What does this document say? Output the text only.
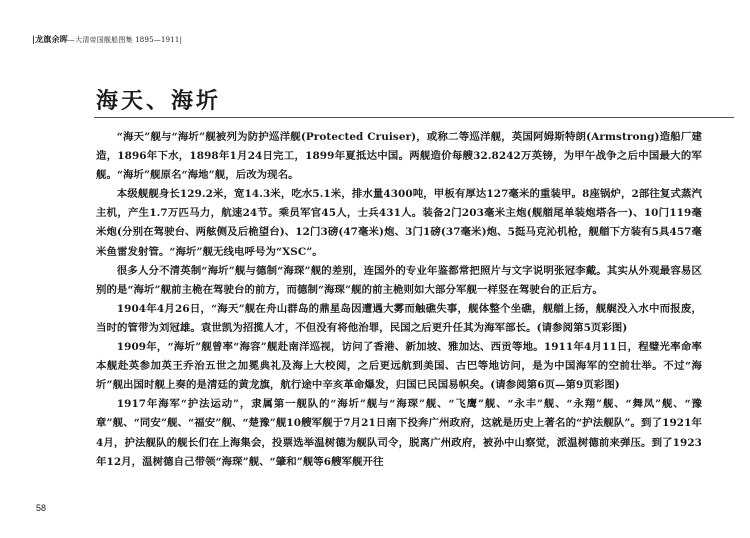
|龙旗余晖—大清帝国舰船图集 1895—1911|
海天、海圻

“海天”舰与“海圻”舰被列为防护巡洋舰(Protected Cruiser)，或称二等巡洋舰，英国阿姆斯特朗(Armstrong)造船厂建造，1896年下水，1898年1月24日完工，1899年夏抵达中国。两舰造价每艘32.8242万英镑，为甲午战争之后中国最大的军舰。“海圻”舰原名“海地”舰，后改为现名。

本级舰舰身长129.2米，宽14.3米，吃水5.1米，排水量4300吨，甲板有厚达127毫米的重装甲。8座锅炉，2部往复式蒸汽主机，产生1.7万匹马力，航速24节。乘员军官45人，士兵431人。装备2门203毫米主炮(舰艏尾单装炮塔各一)、10门119毫米炮(分别在驾驶台、两舷侧及后桅望台)、12门3磅(47毫米)炮、3门1磅(37毫米)炮、5挺马克沁机枪，舰艏下方装有5具457毫米鱼雷发射管。“海圻”舰无线电呼号为“XSC”。

很多人分不清英制“海圻”舰与德制“海琛”舰的差别，连国外的专业年鉴都常把照片与文字说明张冠李戴。其实从外观最容易区别的是“海圻”舰前主桅在驾驶台的前方，而德制“海琛”舰的前主桅则如大部分军舰一样竖在驾驶台的正后方。

1904年4月26日，“海天”舰在舟山群岛的鼎星岛因遭遇大雾而触礁失事，舰体整个坐礁，舰艏上扬，舰艉没入水中而报废，当时的管带为刘冠雄。袁世凯为招揽人才，不但没有将他治罪，民国之后更升任其为海军部长。(请参阅第5页彩图)

1909年，“海圻”舰曾率“海容”舰赴南洋巡视，访问了香港、新加坡、雅加达、西贡等地。1911年4月11日，程璧光率命率本舰赴英参加英王乔治五世之加冕典礼及海上大校阅，之后更远航到美国、古巴等地访问，是为中国海军的空前壮举。不过“海圻”舰出国时舰上奏的是清廷的黄龙旗，航行途中辛亥革命爆发，归国已民国易帜矣。(请参阅第6页—第9页彩图)

1917年海军“护法运动”，隶属第一舰队的“海圻”舰与“海琛”舰、“飞鹰”舰、“永丰”舰、“永翔”舰、“舞凤”舰、“豫章”舰、“同安”舰、“福安”舰、“楚豫”舰10艘军舰于7月21日南下投奔广州政府，这就是历史上著名的“护法舰队”。到了1921年4月，护法舰队的舰长们在上海集会，投票选举温树德为舰队司令，脱离广州政府，被孙中山察觉，派温树德前来弹压。到了1923年12月，温树德自己带领“海琛”舰、“肇和”舰等6艘军舰开往

58
